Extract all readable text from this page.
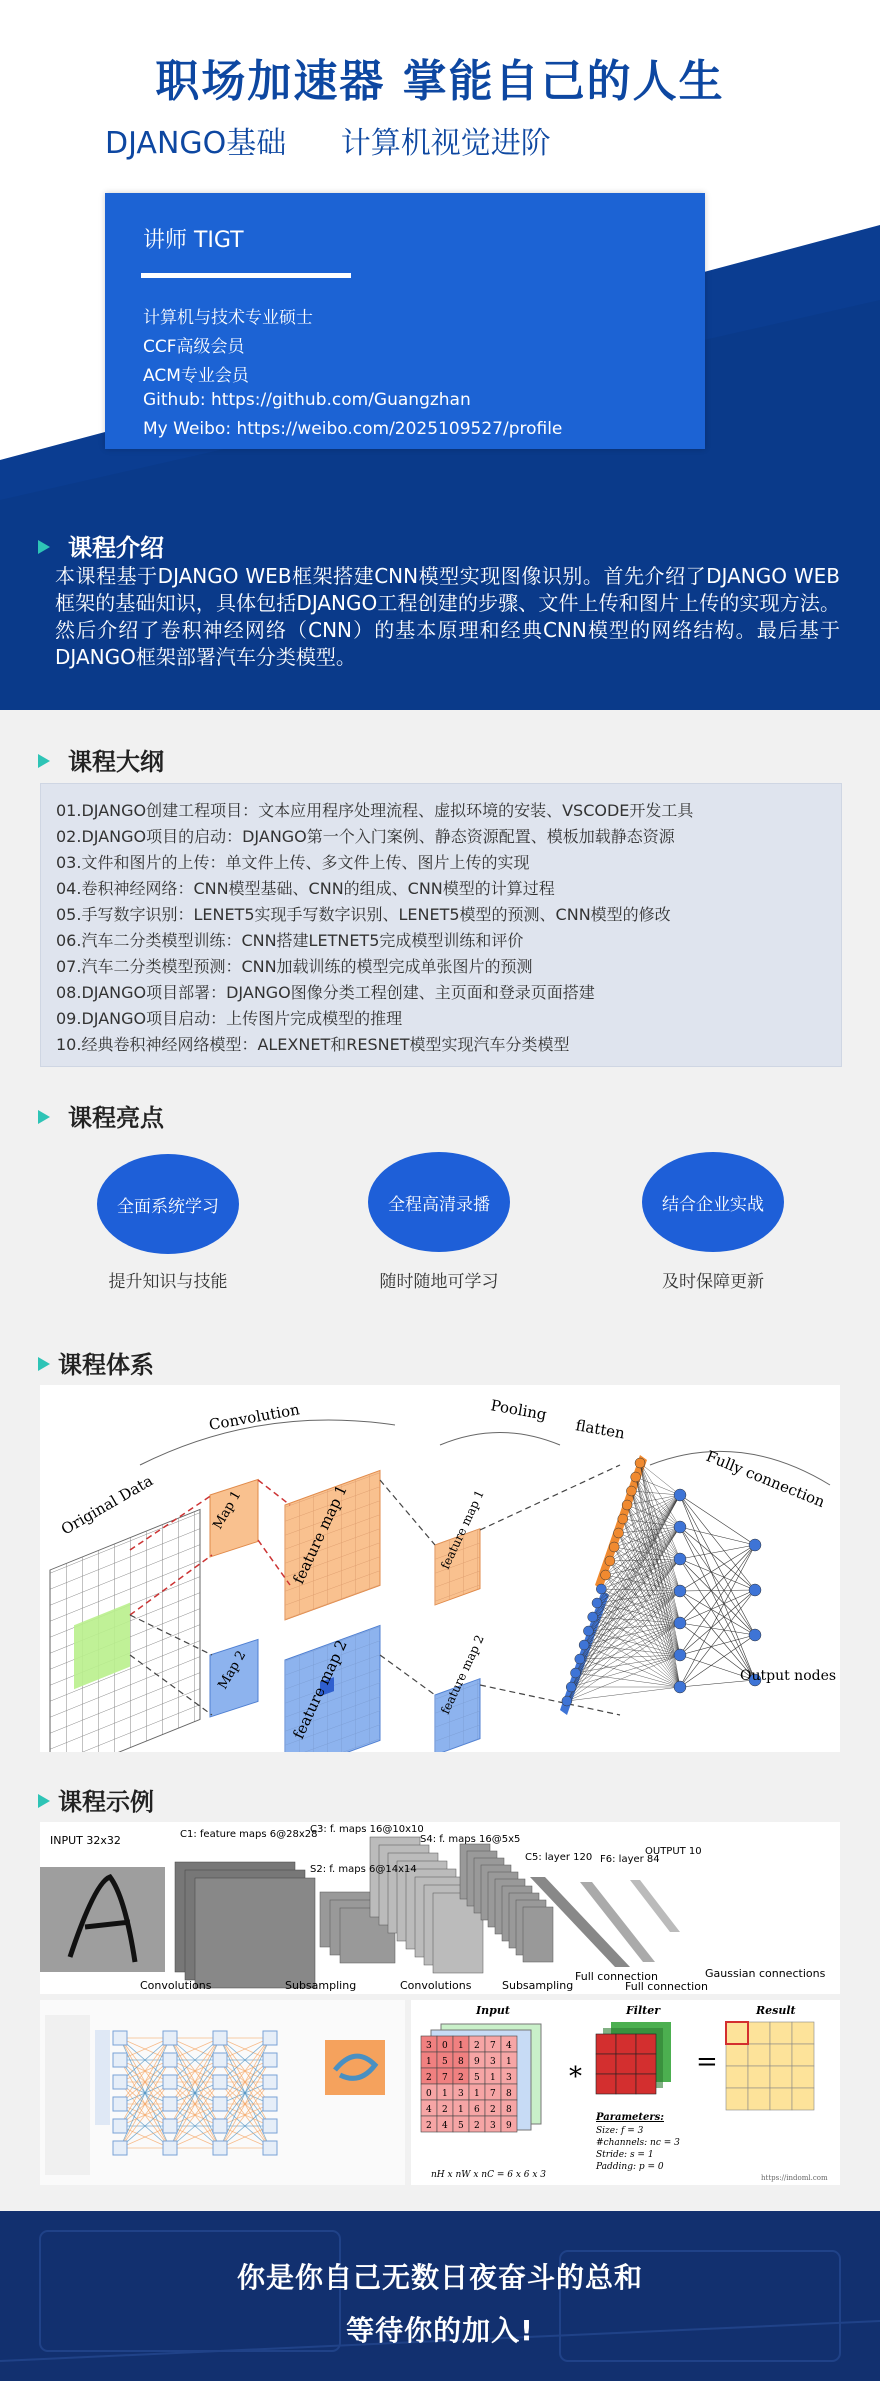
职场加速器 掌能自己的人生
DJANGO基础 计算机视觉进阶
讲师 TIGT
计算机与技术专业硕士
CCF高级会员
ACM专业会员
Github: https://github.com/Guangzhan
My Weibo: https://weibo.com/2025109527/profile
课程介绍
本课程基于DJANGO WEB框架搭建CNN模型实现图像识别。首先介绍了DJANGO WEB框架的基础知识，具体包括DJANGO工程创建的步骤、文件上传和图片上传的实现方法。然后介绍了卷积神经网络（CNN）的基本原理和经典CNN模型的网络结构。最后基于DJANGO框架部署汽车分类模型。
课程大纲
01.DJANGO创建工程项目：文本应用程序处理流程、虚拟环境的安装、VSCODE开发工具
02.DJANGO项目的启动：DJANGO第一个入门案例、静态资源配置、模板加载静态资源
03.文件和图片的上传：单文件上传、多文件上传、图片上传的实现
04.卷积神经网络：CNN模型基础、CNN的组成、CNN模型的计算过程
05.手写数字识别：LENET5实现手写数字识别、LENET5模型的预测、CNN模型的修改
06.汽车二分类模型训练：CNN搭建LETNET5完成模型训练和评价
07.汽车二分类模型预测：CNN加载训练的模型完成单张图片的预测
08.DJANGO项目部署：DJANGO图像分类工程创建、主页面和登录页面搭建
09.DJANGO项目启动：上传图片完成模型的推理
10.经典卷积神经网络模型：ALEXNET和RESNET模型实现汽车分类模型
课程亮点
全面系统学习	全程高清录播	结合企业实战
提升知识与技能	随时随地可学习	及时保障更新
课程体系
Original Data	Map 1
Map 2
feature map 1
feature map 2
feature map 1
feature map 2
Convolution	Pooling
flatten
Fully connection
Output nodes
课程示例
INPUT 32x32	C1: feature maps 6@28x28
S2: f. maps 6@14x14
C3: f. maps 16@10x10
S4: f. maps 16@5x5
C5: layer 120 F6: layer 84
OUTPUT 10
Convolutions	Subsampling	Convolutions	Subsampling
Full connection
Full connection
Gaussian connections
Input	Filter	Result
3 0 1 2 7 4
1 5 8 9 3 1
2 7 2 5 1 3
0 1 3 1 7 8
4 2 1 6 2 8
2 4 5 2 3 9
*	=
Parameters:
Size: f = 3
#channels: nc = 3
Stride: s = 1
Padding: p = 0
nH x nW x nC = 6 x 6 x 3	https://indoml.com
你是你自己无数日夜奋斗的总和
等待你的加入!
